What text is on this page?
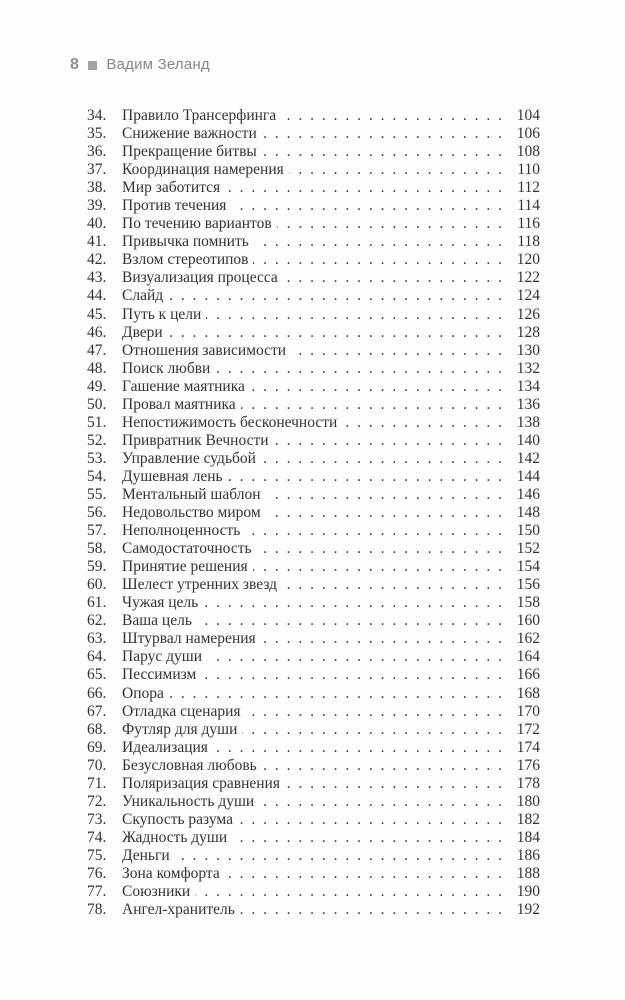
8 Вадим Зеланд
34.	Правило Трансерфинга . . .	104
35.	Снижение важности . . .	106
36.	Прекращение битвы . . .	108
37.	Координация намерения . . .	110
38.	Мир заботится . . .	112
39.	Против течения . . .	114
40.	По течению вариантов . . .	116
41.	Привычка помнить . . .	118
42.	Взлом стереотипов . . .	120
43.	Визуализация процесса . . .	122
44.	Слайд . . .	124
45.	Путь к цели . . .	126
46.	Двери . . .	128
47.	Отношения зависимости . . .	130
48.	Поиск любви . . .	132
49.	Гашение маятника . . .	134
50.	Провал маятника . . .	136
51.	Непостижимость бесконечности . . .	138
52.	Привратник Вечности . . .	140
53.	Управление судьбой . . .	142
54.	Душевная лень . . .	144
55.	Ментальный шаблон . . .	146
56.	Недовольство миром . . .	148
57.	Неполноценность . . .	150
58.	Самодостаточность . . .	152
59.	Принятие решения . . .	154
60.	Шелест утренних звезд . . .	156
61.	Чужая цель . . .	158
62.	Ваша цель . . .	160
63.	Штурвал намерения . . .	162
64.	Парус души . . .	164
65.	Пессимизм . . .	166
66.	Опора . . .	168
67.	Отладка сценария . . .	170
68.	Футляр для души . . .	172
69.	Идеализация . . .	174
70.	Безусловная любовь . . .	176
71.	Поляризация сравнения . . .	178
72.	Уникальность души . . .	180
73.	Скупость разума . . .	182
74.	Жадность души . . .	184
75.	Деньги . . .	186
76.	Зона комфорта . . .	188
77.	Союзники . . .	190
78.	Ангел-хранитель . . .	192
